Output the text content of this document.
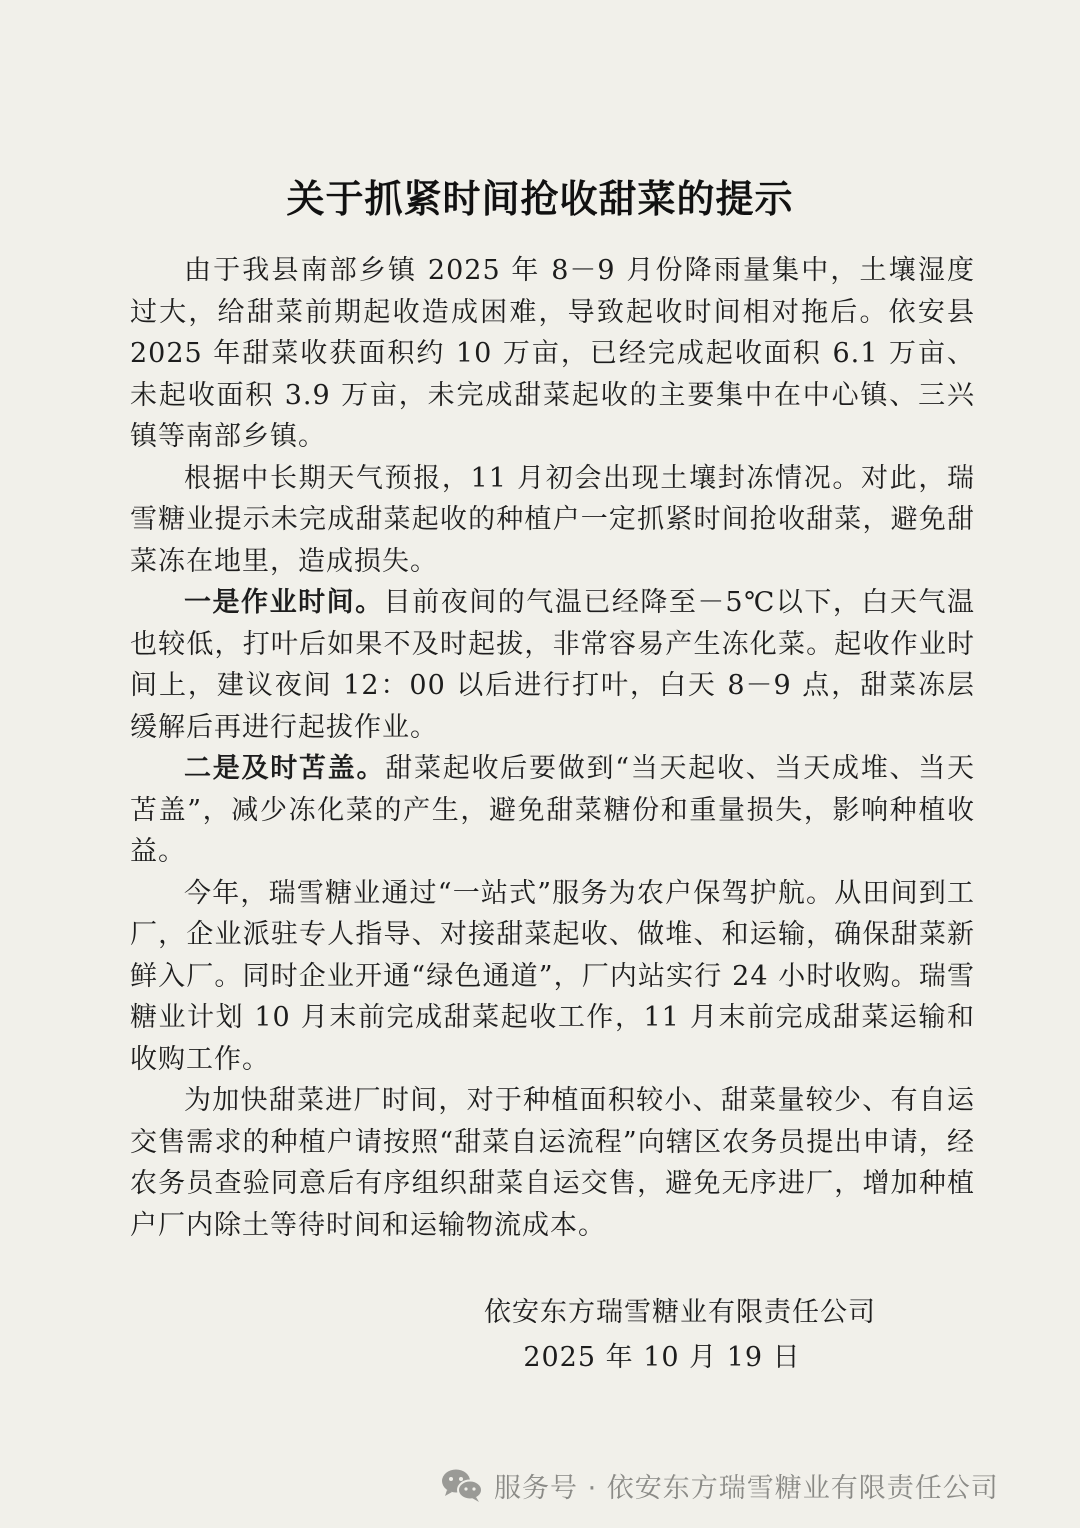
关于抓紧时间抢收甜菜的提示

由于我县南部乡镇 2025 年 8－9 月份降雨量集中，土壤湿度过大，给甜菜前期起收造成困难，导致起收时间相对拖后。依安县 2025 年甜菜收获面积约 10 万亩，已经完成起收面积 6.1 万亩、未起收面积 3.9 万亩，未完成甜菜起收的主要集中在中心镇、三兴镇等南部乡镇。

根据中长期天气预报，11 月初会出现土壤封冻情况。对此，瑞雪糖业提示未完成甜菜起收的种植户一定抓紧时间抢收甜菜，避免甜菜冻在地里，造成损失。

一是作业时间。目前夜间的气温已经降至－5℃以下，白天气温也较低，打叶后如果不及时起拔，非常容易产生冻化菜。起收作业时间上，建议夜间 12：00 以后进行打叶，白天 8－9 点，甜菜冻层缓解后再进行起拔作业。

二是及时苫盖。甜菜起收后要做到“当天起收、当天成堆、当天苫盖”，减少冻化菜的产生，避免甜菜糖份和重量损失，影响种植收益。

今年，瑞雪糖业通过“一站式”服务为农户保驾护航。从田间到工厂，企业派驻专人指导、对接甜菜起收、做堆、和运输，确保甜菜新鲜入厂。同时企业开通“绿色通道”，厂内站实行 24 小时收购。瑞雪糖业计划 10 月末前完成甜菜起收工作，11 月末前完成甜菜运输和收购工作。

为加快甜菜进厂时间，对于种植面积较小、甜菜量较少、有自运交售需求的种植户请按照“甜菜自运流程”向辖区农务员提出申请，经农务员查验同意后有序组织甜菜自运交售，避免无序进厂，增加种植户厂内除土等待时间和运输物流成本。

依安东方瑞雪糖业有限责任公司
2025 年 10 月 19 日
服务号 · 依安东方瑞雪糖业有限责任公司
